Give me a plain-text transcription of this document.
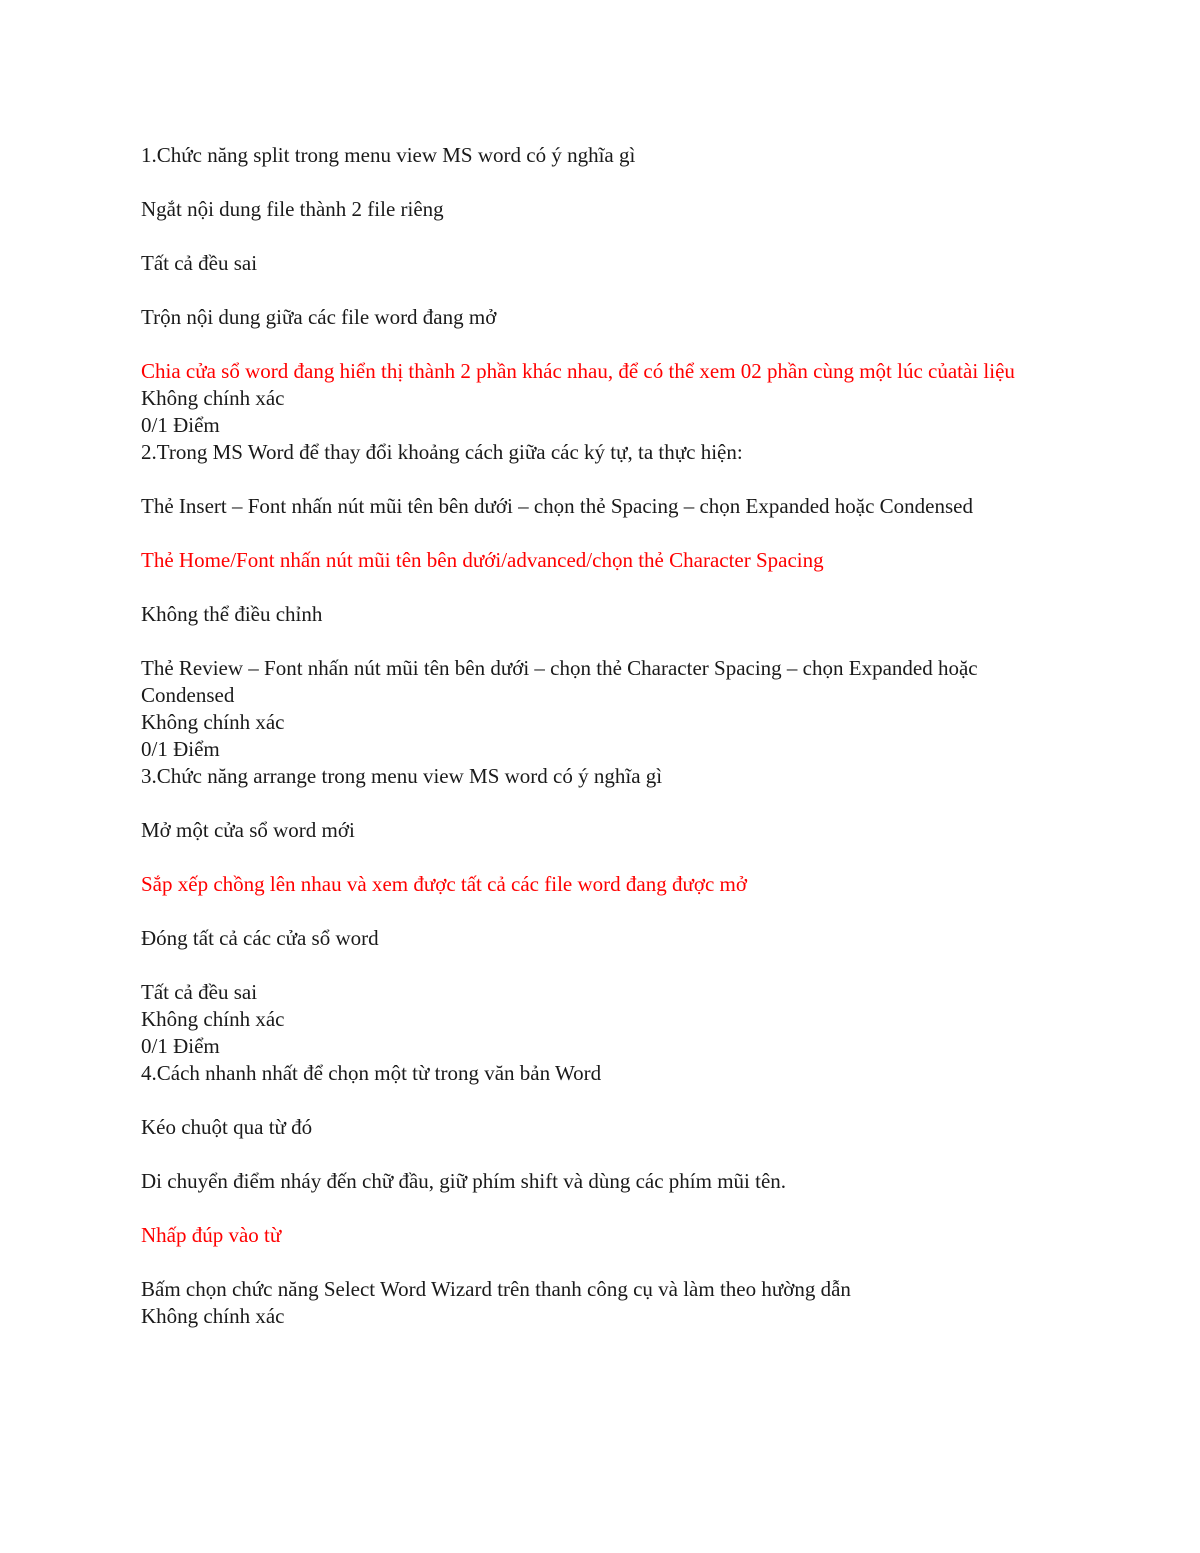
1.Chức năng split trong menu view MS word có ý nghĩa gì
Ngắt nội dung file thành 2 file riêng
Tất cả đều sai
Trộn nội dung giữa các file word đang mở
Chia cửa sổ word đang hiển thị thành 2 phần khác nhau, để có thể xem 02 phần cùng một lúc củatài liệu
Không chính xác
0/1 Điểm
2.Trong MS Word để thay đổi khoảng cách giữa các ký tự, ta thực hiện:
Thẻ Insert – Font nhấn nút mũi tên bên dưới – chọn thẻ Spacing – chọn Expanded hoặc Condensed
Thẻ Home/Font nhấn nút mũi tên bên dưới/advanced/chọn thẻ Character Spacing
Không thể điều chỉnh
Thẻ Review – Font nhấn nút mũi tên bên dưới – chọn thẻ Character Spacing – chọn Expanded hoặc Condensed
Không chính xác
0/1 Điểm
3.Chức năng arrange trong menu view MS word có ý nghĩa gì
Mở một cửa sổ word mới
Sắp xếp chồng lên nhau và xem được tất cả các file word đang được mở
Đóng tất cả các cửa sổ word
Tất cả đều sai
Không chính xác
0/1 Điểm
4.Cách nhanh nhất để chọn một từ trong văn bản Word
Kéo chuột qua từ đó
Di chuyển điểm nháy đến chữ đầu, giữ phím shift và dùng các phím mũi tên.
Nhấp đúp vào từ
Bấm chọn chức năng Select Word Wizard trên thanh công cụ và làm theo hường dẫn
Không chính xác
